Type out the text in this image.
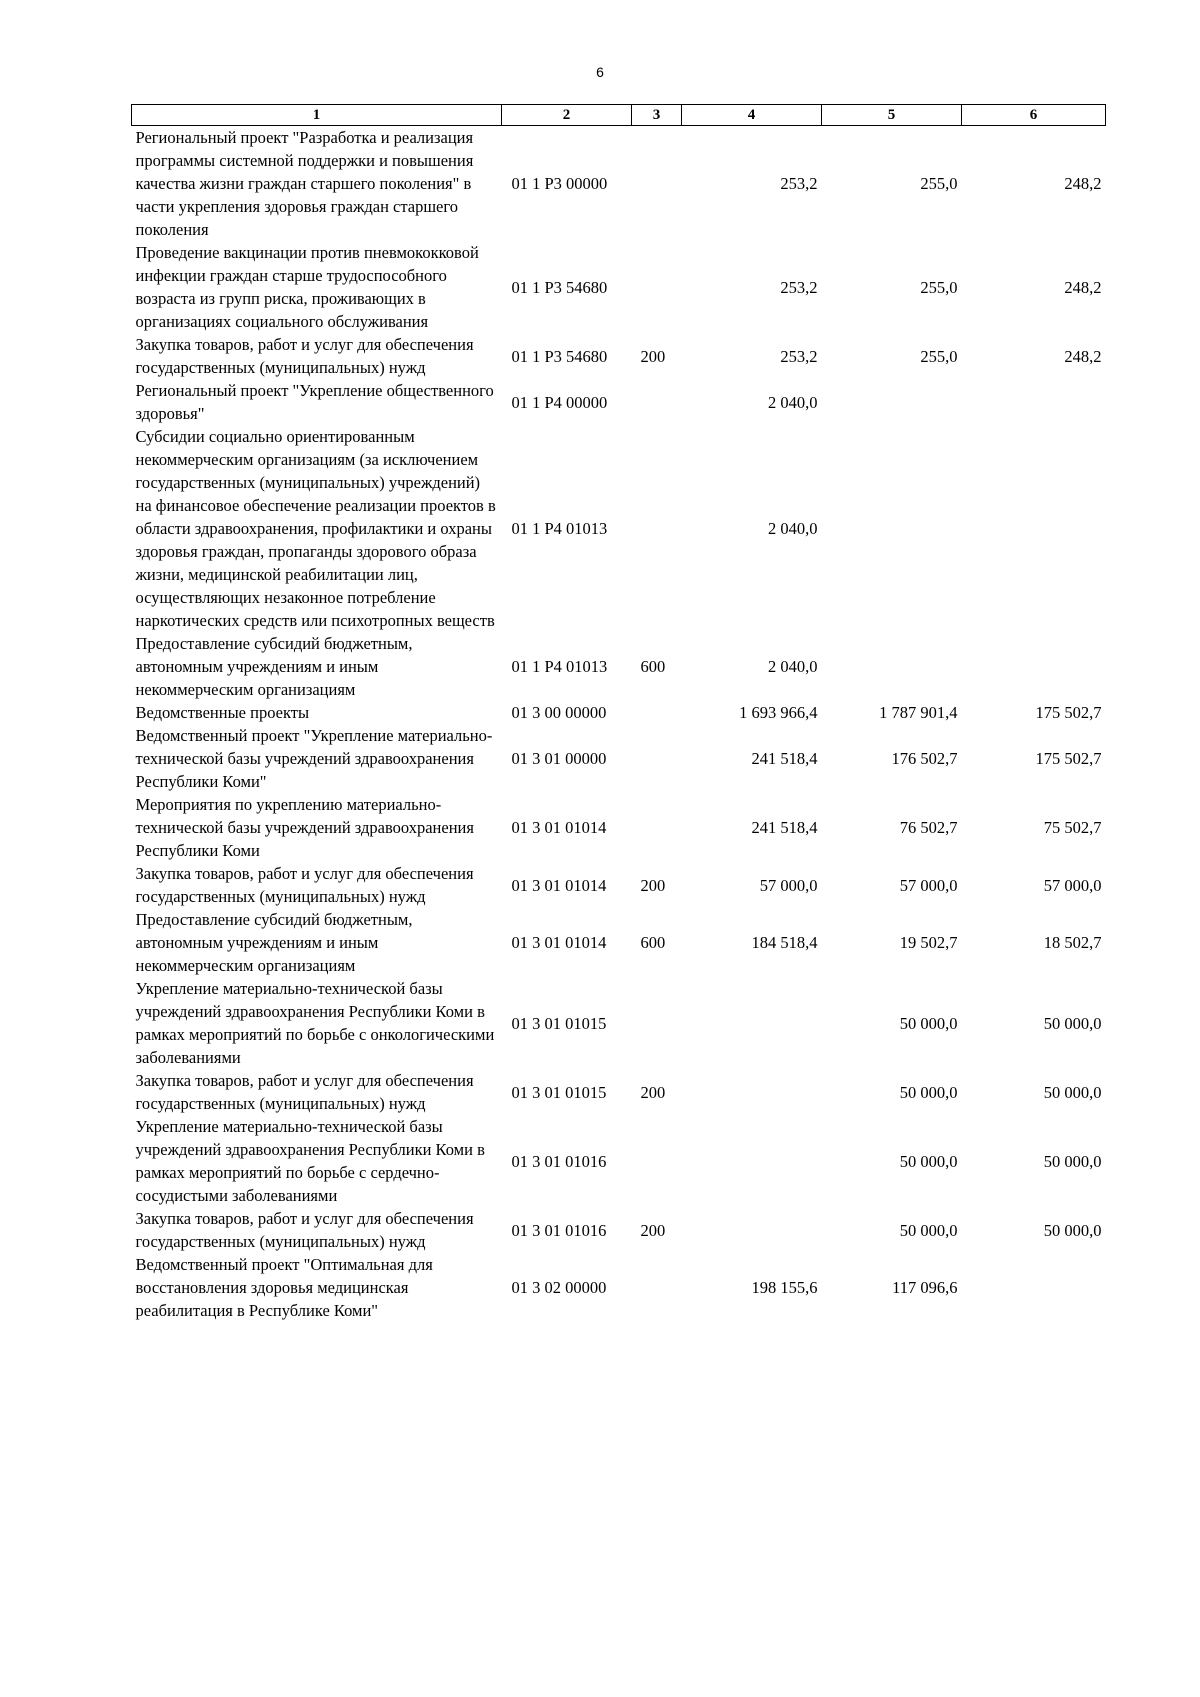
6
1	2	3	4	5	6
Региональный проект "Разработка и реализация программы системной поддержки и повышения качества жизни граждан старшего поколения" в части укрепления здоровья граждан старшего поколения	01 1 P3 00000		253,2	255,0	248,2
Проведение вакцинации против пневмококковой инфекции граждан старше трудоспособного возраста из групп риска, проживающих в организациях социального обслуживания	01 1 P3 54680		253,2	255,0	248,2
Закупка товаров, работ и услуг для обеспечения государственных (муниципальных) нужд	01 1 P3 54680	200	253,2	255,0	248,2
Региональный проект "Укрепление общественного здоровья"	01 1 P4 00000		2 040,0		
Субсидии социально ориентированным некоммерческим организациям (за исключением государственных (муниципальных) учреждений) на финансовое обеспечение реализации проектов в области здравоохранения, профилактики и охраны здоровья граждан, пропаганды здорового образа жизни, медицинской реабилитации лиц, осуществляющих незаконное потребление наркотических средств или психотропных веществ	01 1 P4 01013		2 040,0		
Предоставление субсидий бюджетным, автономным учреждениям и иным некоммерческим организациям	01 1 P4 01013	600	2 040,0		
Ведомственные проекты	01 3 00 00000		1 693 966,4	1 787 901,4	175 502,7
Ведомственный проект "Укрепление материально-технической базы учреждений здравоохранения Республики Коми"	01 3 01 00000		241 518,4	176 502,7	175 502,7
Мероприятия по укреплению материально-технической базы учреждений здравоохранения Республики Коми	01 3 01 01014		241 518,4	76 502,7	75 502,7
Закупка товаров, работ и услуг для обеспечения государственных (муниципальных) нужд	01 3 01 01014	200	57 000,0	57 000,0	57 000,0
Предоставление субсидий бюджетным, автономным учреждениям и иным некоммерческим организациям	01 3 01 01014	600	184 518,4	19 502,7	18 502,7
Укрепление материально-технической базы учреждений здравоохранения Республики Коми в рамках мероприятий по борьбе с онкологическими заболеваниями	01 3 01 01015			50 000,0	50 000,0
Закупка товаров, работ и услуг для обеспечения государственных (муниципальных) нужд	01 3 01 01015	200		50 000,0	50 000,0
Укрепление материально-технической базы учреждений здравоохранения Республики Коми в рамках мероприятий по борьбе с сердечно-сосудистыми заболеваниями	01 3 01 01016			50 000,0	50 000,0
Закупка товаров, работ и услуг для обеспечения государственных (муниципальных) нужд	01 3 01 01016	200		50 000,0	50 000,0
Ведомственный проект "Оптимальная для восстановления здоровья медицинская реабилитация в Республике Коми"	01 3 02 00000		198 155,6	117 096,6	
